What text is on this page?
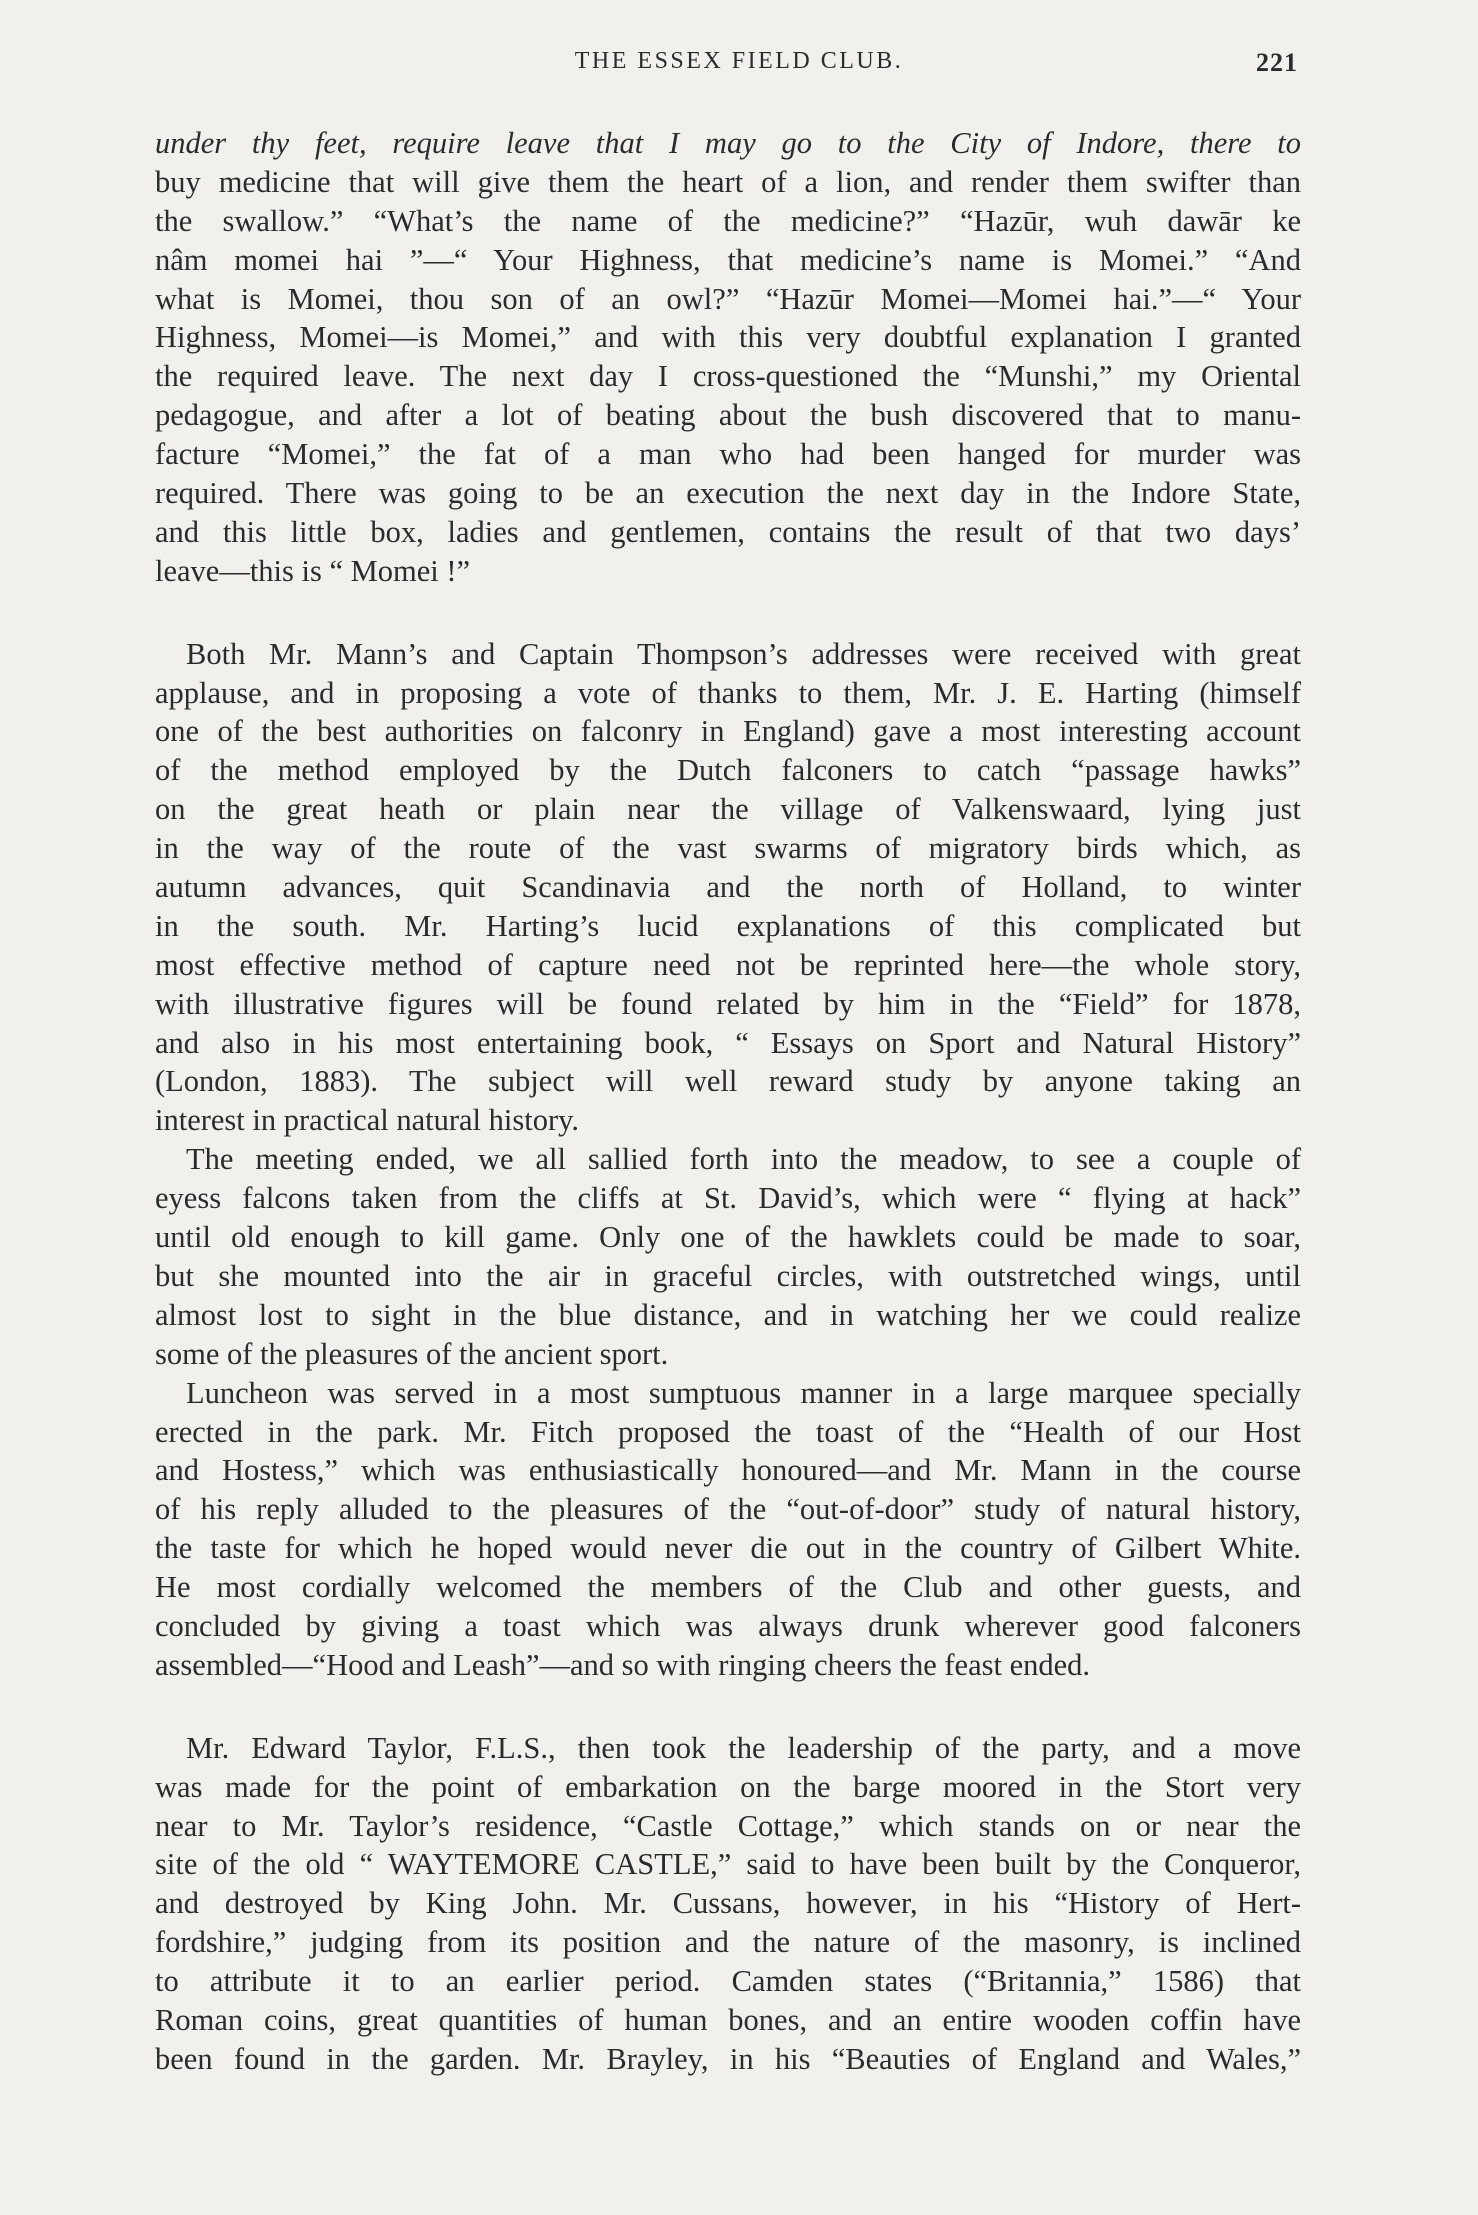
THE ESSEX FIELD CLUB.	221
under thy feet, require leave that I may go to the City of Indore, there to
buy medicine that will give them the heart of a lion, and render them swifter than
the swallow.” “What’s the name of the medicine?” “Hazūr, wuh dawār ke
nâm momei hai ”—“ Your Highness, that medicine’s name is Momei.” “And
what is Momei, thou son of an owl?” “Hazūr Momei—Momei hai.”—“ Your
Highness, Momei—is Momei,” and with this very doubtful explanation I granted
the required leave. The next day I cross-questioned the “Munshi,” my Oriental
pedagogue, and after a lot of beating about the bush discovered that to manu-
facture “Momei,” the fat of a man who had been hanged for murder was
required. There was going to be an execution the next day in the Indore State,
and this little box, ladies and gentlemen, contains the result of that two days’
leave—this is “ Momei !”
Both Mr. Mann’s and Captain Thompson’s addresses were received with great
applause, and in proposing a vote of thanks to them, Mr. J. E. Harting (himself
one of the best authorities on falconry in England) gave a most interesting account
of the method employed by the Dutch falconers to catch “passage hawks”
on the great heath or plain near the village of Valkenswaard, lying just
in the way of the route of the vast swarms of migratory birds which, as
autumn advances, quit Scandinavia and the north of Holland, to winter
in the south. Mr. Harting’s lucid explanations of this complicated but
most effective method of capture need not be reprinted here—the whole story,
with illustrative figures will be found related by him in the “Field” for 1878,
and also in his most entertaining book, “ Essays on Sport and Natural History”
(London, 1883). The subject will well reward study by anyone taking an
interest in practical natural history.
The meeting ended, we all sallied forth into the meadow, to see a couple of
eyess falcons taken from the cliffs at St. David’s, which were “ flying at hack”
until old enough to kill game. Only one of the hawklets could be made to soar,
but she mounted into the air in graceful circles, with outstretched wings, until
almost lost to sight in the blue distance, and in watching her we could realize
some of the pleasures of the ancient sport.
Luncheon was served in a most sumptuous manner in a large marquee specially
erected in the park. Mr. Fitch proposed the toast of the “Health of our Host
and Hostess,” which was enthusiastically honoured—and Mr. Mann in the course
of his reply alluded to the pleasures of the “out-of-door” study of natural history,
the taste for which he hoped would never die out in the country of Gilbert White.
He most cordially welcomed the members of the Club and other guests, and
concluded by giving a toast which was always drunk wherever good falconers
assembled—“Hood and Leash”—and so with ringing cheers the feast ended.
Mr. Edward Taylor, F.L.S., then took the leadership of the party, and a move
was made for the point of embarkation on the barge moored in the Stort very
near to Mr. Taylor’s residence, “Castle Cottage,” which stands on or near the
site of the old “ WAYTEMORE CASTLE,” said to have been built by the Conqueror,
and destroyed by King John. Mr. Cussans, however, in his “History of Hert-
fordshire,” judging from its position and the nature of the masonry, is inclined
to attribute it to an earlier period. Camden states (“Britannia,” 1586) that
Roman coins, great quantities of human bones, and an entire wooden coffin have
been found in the garden. Mr. Brayley, in his “Beauties of England and Wales,”
